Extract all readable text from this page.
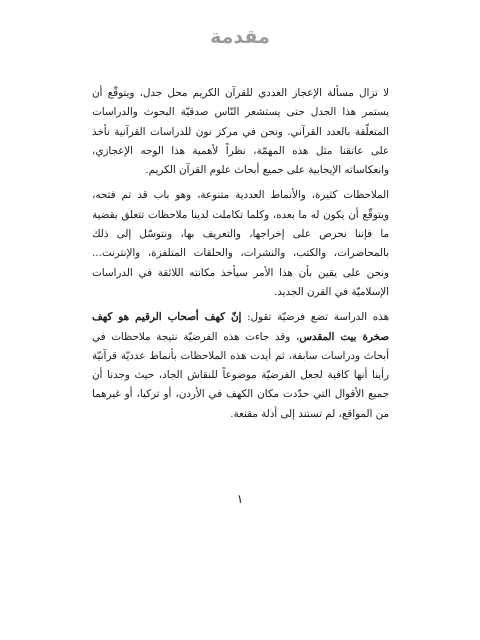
مقدمة

لا تزال مسألة الإعجاز العددي للقرآن الكريم محل جدل، ويتوقّع أن يستمر هذا الجدل حتى يستشعر النّاس صدقيّة البحوث والدراسات المتعلّقة بالعدد القرآني. ونحن في مركز نون للدراسات القرآنية نأخذ على عاتقنا مثل هذه المهمّة، نظراً لأهمية هذا الوجه الإعجازي، وانعكاساته الإيجابية على جميع أبحاث علوم القرآن الكريم.

الملاحظات كثيرة، والأنماط العددية متنوعة، وهو باب قد تم فتحه، ويتوقّع أن يكون له ما بعده، وكلما تكاملت لدينا ملاحظات تتعلق بقضية ما فإننا نحرص على إخراجها، والتعريف بها، ونتوسّل إلى ذلك بالمحاضرات، والكتب، والنشرات، والحلقات المتلفزة، والإنترنت... ونحن على يقين بأن هذا الأمر سيأخذ مكانته اللائقة في الدراسات الإسلاميّة في القرن الجديد.

هذه الدراسة تضع فرضيّة تقول: إنّ كهف أصحاب الرقيم هو كهف صخرة بيت المقدس، وقد جاءت هذه الفرضيّة نتيجة ملاحظات في أبحاث ودراسات سابقة، ثم أيدت هذه الملاحظات بأنماط عدديّة قرآنيّة رأينا أنها كافية لجعل الفرضيّة موضوعاً للنقاش الجاد، حيث وجدنا أن جميع الأقوال التي حدّدت مكان الكهف في الأردن، أو تركيا، أو غيرهما من المواقع، لم تستند إلى أدلة مقنعة.

١
